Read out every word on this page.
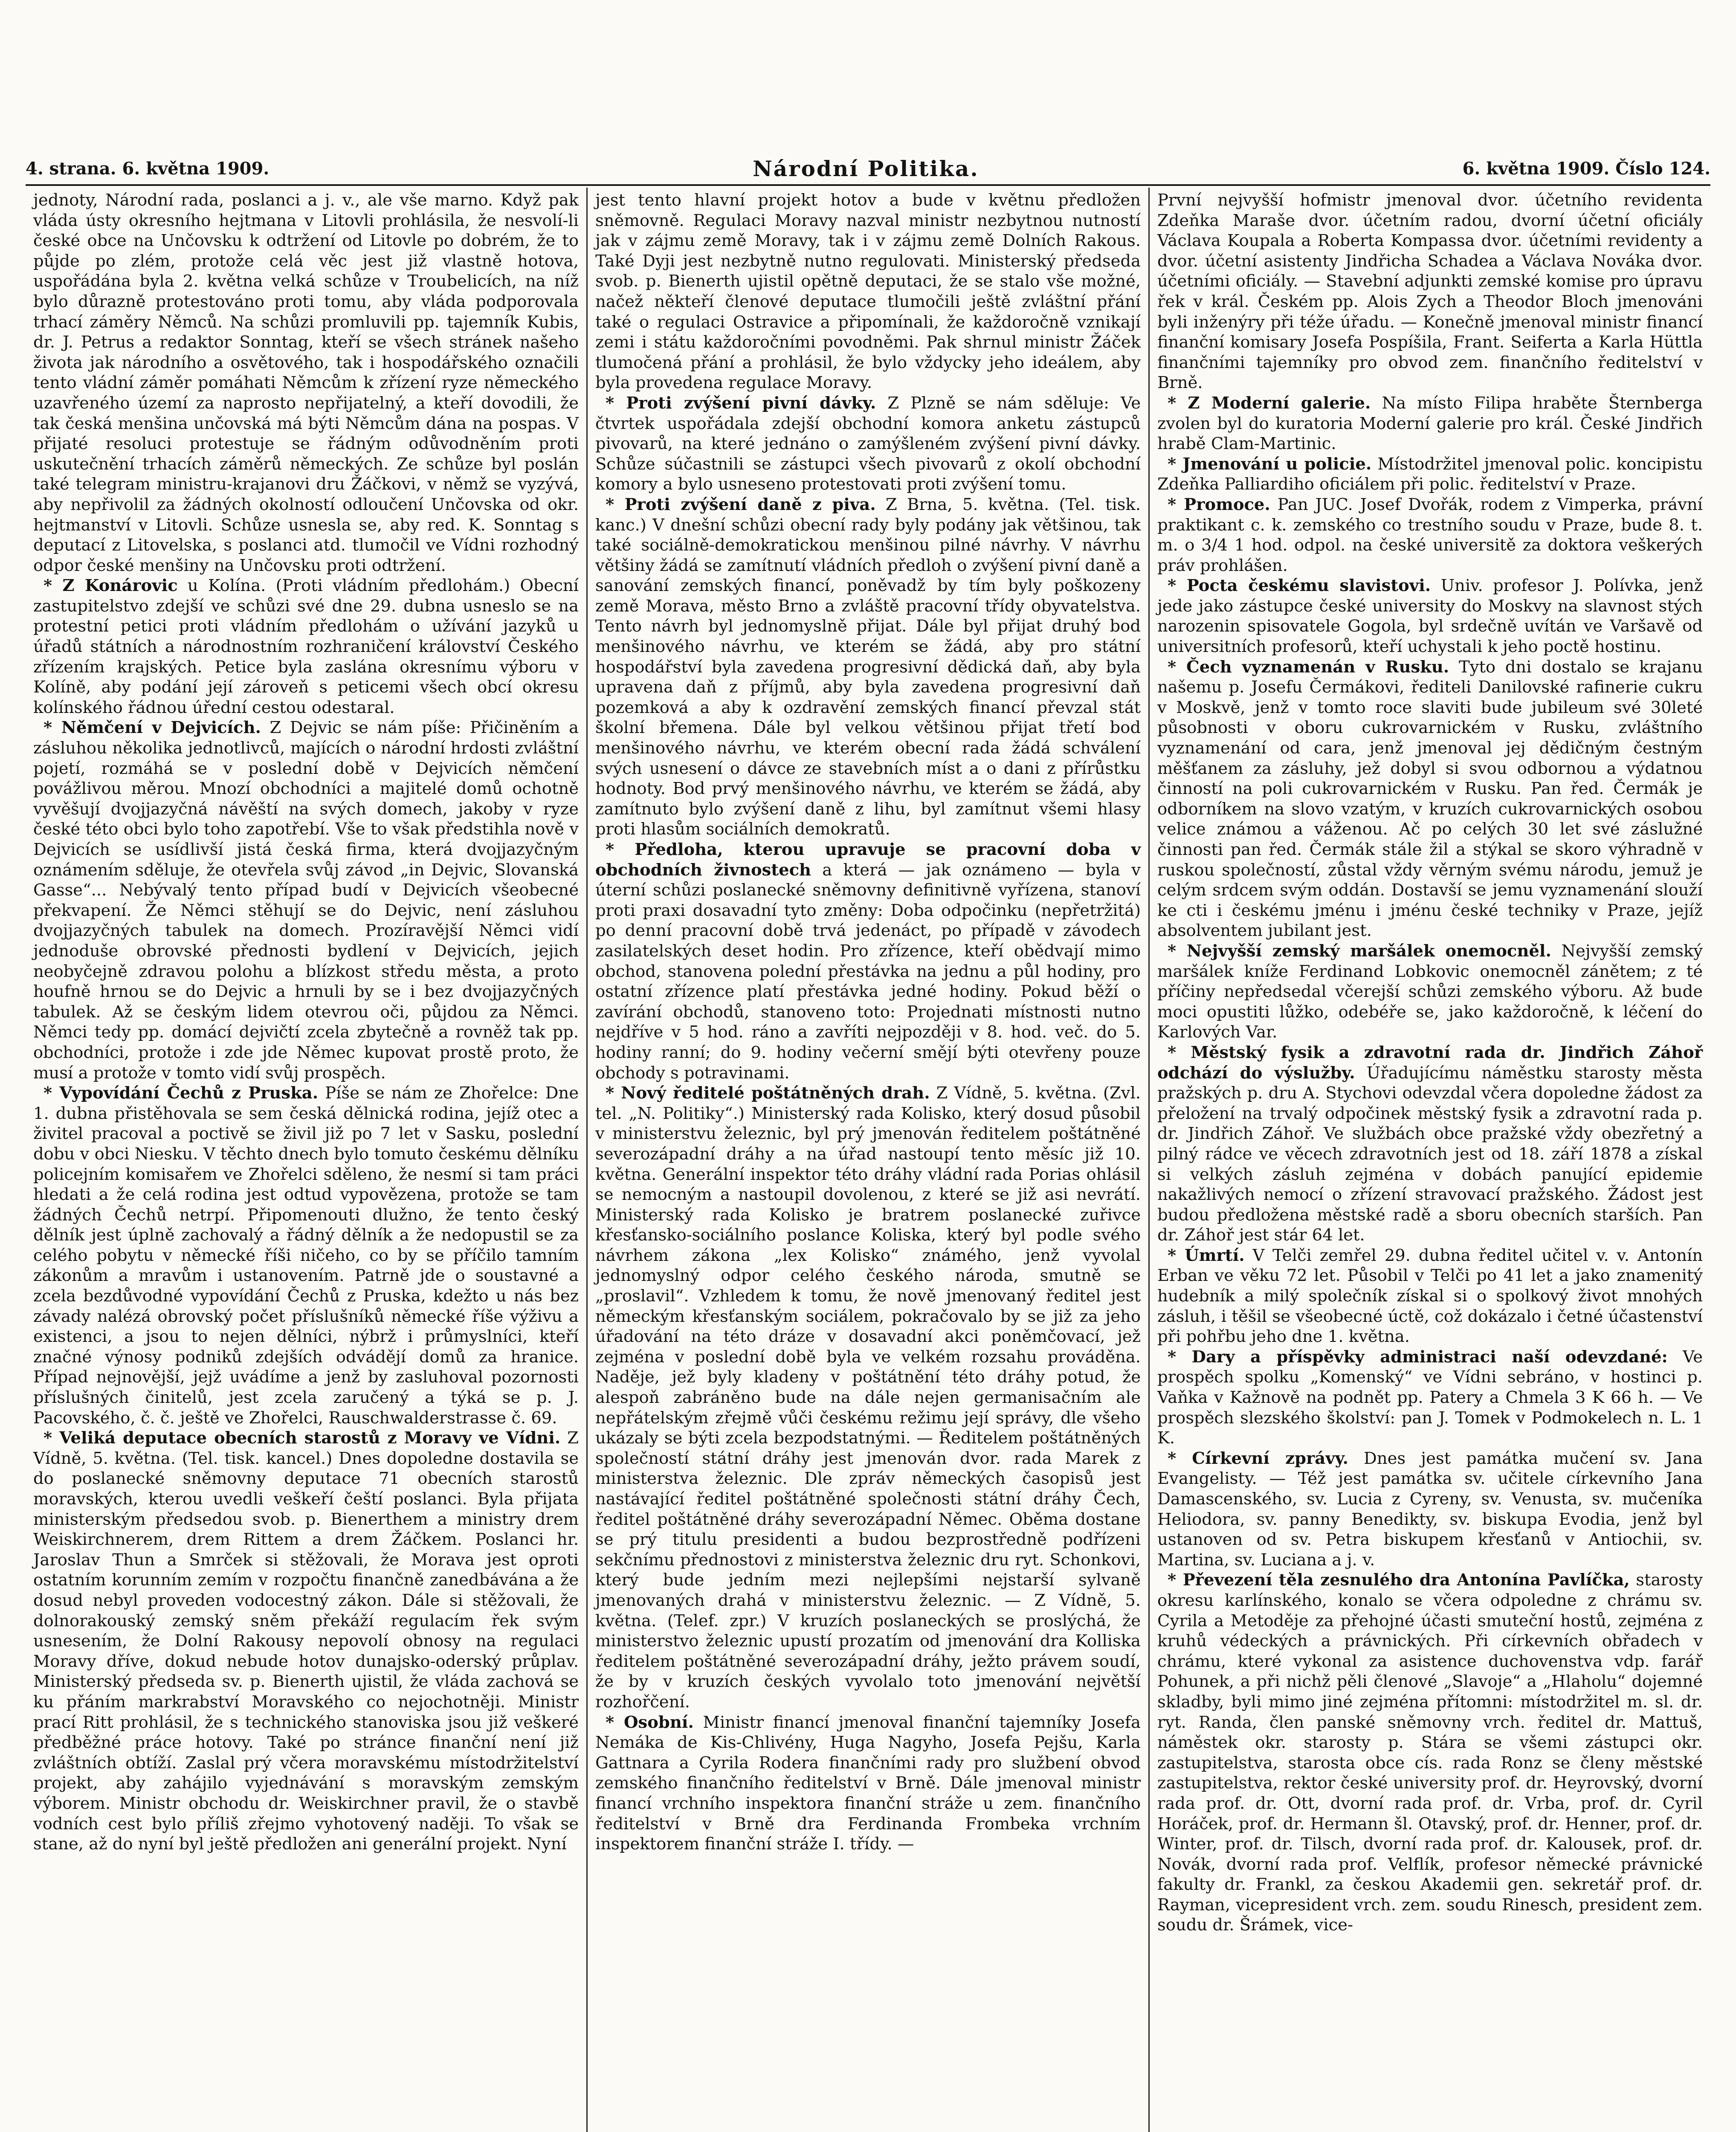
4. strana. 6. května 1909.	Národní Politika.	6. května 1909. Číslo 124.

jednoty, Národní rada, poslanci a j. v., ale vše marno. Když pak vláda ústy okresního hejtmana v Litovli prohlásila, že nesvolí-li české obce na Unčovsku k odtržení od Litovle po dobrém, že to půjde po zlém, protože celá věc jest již vlastně hotova, uspořádána byla 2. května velká schůze v Troubelicích, na níž bylo důrazně protestováno proti tomu, aby vláda podporovala trhací záměry Němců. Na schůzi promluvili pp. tajemník Kubis, dr. J. Petrus a redaktor Sonntag, kteří se všech stránek našeho života jak národního a osvětového, tak i hospodářského označili tento vládní záměr pomáhati Němcům k zřízení ryze německého uzavřeného území za naprosto nepřijatelný, a kteří dovodili, že tak česká menšina unčovská má býti Němcům dána na pospas. V přijaté resoluci protestuje se řádným odůvodněním proti uskutečnění trhacích záměrů německých. Ze schůze byl poslán také telegram ministru-krajanovi dru Žáčkovi, v němž se vyzývá, aby nepřivolil za žádných okolností odloučení Unčovska od okr. hejtmanství v Litovli. Schůze usnesla se, aby red. K. Sonntag s deputací z Litovelska, s poslanci atd. tlumočil ve Vídni rozhodný odpor české menšiny na Unčovsku proti odtržení.

* Z Konárovic u Kolína. (Proti vládním předlohám.) Obecní zastupitelstvo zdejší ve schůzi své dne 29. dubna usneslo se na protestní petici proti vládním předlohám o užívání jazyků u úřadů státních a národnostním rozhraničení království Českého zřízením krajských. Petice byla zaslána okresnímu výboru v Kolíně, aby podání její zároveň s peticemi všech obcí okresu kolínského řádnou úřední cestou odestaral.

* Němčení v Dejvicích. Z Dejvic se nám píše: Přičiněním a zásluhou několika jednotlivců, majících o národní hrdosti zvláštní pojetí, rozmáhá se v poslední době v Dejvicích němčení povážlivou měrou. Mnozí obchodníci a majitelé domů ochotně vyvěšují dvojjazyčná návěští na svých domech, jakoby v ryze české této obci bylo toho zapotřebí. Vše to však předstihla nově v Dejvicích se usídlivší jistá česká firma, která dvojjazyčným oznámením sděluje, že otevřela svůj závod „in Dejvic, Slovanská Gasse“... Nebývalý tento případ budí v Dejvicích všeobecné překvapení. Že Němci stěhují se do Dejvic, není zásluhou dvojjazyčných tabulek na domech. Prozíravější Němci vidí jednoduše obrovské přednosti bydlení v Dejvicích, jejich neobyčejně zdravou polohu a blízkost středu města, a proto houfně hrnou se do Dejvic a hrnuli by se i bez dvojjazyčných tabulek. Až se českým lidem otevrou oči, půjdou za Němci. Němci tedy pp. domácí dejvičtí zcela zbytečně a rovněž tak pp. obchodníci, protože i zde jde Němec kupovat prostě proto, že musí a protože v tomto vidí svůj prospěch.

* Vypovídání Čechů z Pruska. Píše se nám ze Zhořelce: Dne 1. dubna přistěhovala se sem česká dělnická rodina, jejíž otec a živitel pracoval a poctivě se živil již po 7 let v Sasku, poslední dobu v obci Niesku. V těchto dnech bylo tomuto českému dělníku policejním komisařem ve Zhořelci sděleno, že nesmí si tam práci hledati a že celá rodina jest odtud vypovězena, protože se tam žádných Čechů netrpí. Připomenouti dlužno, že tento český dělník jest úplně zachovalý a řádný dělník a že nedopustil se za celého pobytu v německé říši ničeho, co by se příčilo tamním zákonům a mravům i ustanovením. Patrně jde o soustavné a zcela bezdůvodné vypovídání Čechů z Pruska, kdežto u nás bez závady nalézá obrovský počet příslušníků německé říše výživu a existenci, a jsou to nejen dělníci, nýbrž i průmyslníci, kteří značné výnosy podniků zdejších odvádějí domů za hranice. Případ nejnovější, jejž uvádíme a jenž by zasluhoval pozornosti příslušných činitelů, jest zcela zaručený a týká se p. J. Pacovského, č. č. ještě ve Zhořelci, Rauschwalderstrasse č. 69.

* Veliká deputace obecních starostů z Moravy ve Vídni. Z Vídně, 5. května. (Tel. tisk. kancel.) Dnes dopoledne dostavila se do poslanecké sněmovny deputace 71 obecních starostů moravských, kterou uvedli veškeří čeští poslanci. Byla přijata ministerským předsedou svob. p. Bienerthem a ministry drem Weiskirchnerem, drem Rittem a drem Žáčkem. Poslanci hr. Jaroslav Thun a Smrček si stěžovali, že Morava jest oproti ostatním korunním zemím v rozpočtu finančně zanedbávána a že dosud nebyl proveden vodocestný zákon. Dále si stěžovali, že dolnorakouský zemský sněm překáží regulacím řek svým usnesením, že Dolní Rakousy nepovolí obnosy na regulaci Moravy dříve, dokud nebude hotov dunajsko-oderský průplav. Ministerský předseda sv. p. Bienerth ujistil, že vláda zachová se ku přáním markrabství Moravského co nejochotněji. Ministr prací Ritt prohlásil, že s technického stanoviska jsou již veškeré předběžné práce hotovy. Také po stránce finanční není již zvláštních obtíží. Zaslal prý včera moravskému místodržitelství projekt, aby zahájilo vyjednávání s moravským zemským výborem. Ministr obchodu dr. Weiskirchner pravil, že o stavbě vodních cest bylo příliš zřejmo vyhotovený naději. To však se stane, až do nyní byl ještě předložen ani generální projekt. Nyní

jest tento hlavní projekt hotov a bude v květnu předložen sněmovně. Regulaci Moravy nazval ministr nezbytnou nutností jak v zájmu země Moravy, tak i v zájmu země Dolních Rakous. Také Dyji jest nezbytně nutno regulovati. Ministerský předseda svob. p. Bienerth ujistil opětně deputaci, že se stalo vše možné, načež někteří členové deputace tlumočili ještě zvláštní přání také o regulaci Ostravice a připomínali, že každoročně vznikají zemi i státu každoročními povodněmi. Pak shrnul ministr Žáček tlumočená přání a prohlásil, že bylo vždycky jeho ideálem, aby byla provedena regulace Moravy.

* Proti zvýšení pivní dávky. Z Plzně se nám sděluje: Ve čtvrtek uspořádala zdejší obchodní komora anketu zástupců pivovarů, na které jednáno o zamýšleném zvýšení pivní dávky. Schůze súčastnili se zástupci všech pivovarů z okolí obchodní komory a bylo usneseno protestovati proti zvýšení tomu.

* Proti zvýšení daně z piva. Z Brna, 5. května. (Tel. tisk. kanc.) V dnešní schůzi obecní rady byly podány jak většinou, tak také sociálně-demokratickou menšinou pilné návrhy. V návrhu většiny žádá se zamítnutí vládních předloh o zvýšení pivní daně a sanování zemských financí, poněvadž by tím byly poškozeny země Morava, město Brno a zvláště pracovní třídy obyvatelstva. Tento návrh byl jednomyslně přijat. Dále byl přijat druhý bod menšinového návrhu, ve kterém se žádá, aby pro státní hospodářství byla zavedena progresivní dědická daň, aby byla upravena daň z příjmů, aby byla zavedena progresivní daň pozemková a aby k ozdravění zemských financí převzal stát školní břemena. Dále byl velkou většinou přijat třetí bod menšinového návrhu, ve kterém obecní rada žádá schválení svých usnesení o dávce ze stavebních míst a o dani z přírůstku hodnoty. Bod prvý menšinového návrhu, ve kterém se žádá, aby zamítnuto bylo zvýšení daně z lihu, byl zamítnut všemi hlasy proti hlasům sociálních demokratů.

* Předloha, kterou upravuje se pracovní doba v obchodních živnostech a která — jak oznámeno — byla v úterní schůzi poslanecké sněmovny definitivně vyřízena, stanoví proti praxi dosavadní tyto změny: Doba odpočinku (nepřetržitá) po denní pracovní době trvá jedenáct, po případě v závodech zasilatelských deset hodin. Pro zřízence, kteří obědvají mimo obchod, stanovena polední přestávka na jednu a půl hodiny, pro ostatní zřízence platí přestávka jedné hodiny. Pokud běží o zavírání obchodů, stanoveno toto: Projednati místnosti nutno nejdříve v 5 hod. ráno a zavříti nejpozději v 8. hod. več. do 5. hodiny ranní; do 9. hodiny večerní smějí býti otevřeny pouze obchody s potravinami.

* Nový ředitelé poštátněných drah. Z Vídně, 5. května. (Zvl. tel. „N. Politiky“.) Ministerský rada Kolisko, který dosud působil v ministerstvu železnic, byl prý jmenován ředitelem poštátněné severozápadní dráhy a na úřad nastoupí tento měsíc již 10. května. Generální inspektor této dráhy vládní rada Porias ohlásil se nemocným a nastoupil dovolenou, z které se již asi nevrátí. Ministerský rada Kolisko je bratrem poslanecké zuřivce křesťansko-sociálního poslance Koliska, který byl podle svého návrhem zákona „lex Kolisko“ známého, jenž vyvolal jednomyslný odpor celého českého národa, smutně se „proslavil“. Vzhledem k tomu, že nově jmenovaný ředitel jest německým křesťanským sociálem, pokračovalo by se již za jeho úřadování na této dráze v dosavadní akci poněmčovací, jež zejména v poslední době byla ve velkém rozsahu prováděna. Naděje, jež byly kladeny v poštátnění této dráhy potud, že alespoň zabráněno bude na dále nejen germanisačním ale nepřátelským zřejmě vůči českému režimu její správy, dle všeho ukázaly se býti zcela bezpodstatnými. — Ředitelem poštátněných společností státní dráhy jest jmenován dvor. rada Marek z ministerstva železnic. Dle zpráv německých časopisů jest nastávající ředitel poštátněné společnosti státní dráhy Čech, ředitel poštátněné dráhy severozápadní Němec. Oběma dostane se prý titulu presidenti a budou bezprostředně podřízeni sekčnímu přednostovi z ministerstva železnic dru ryt. Schonkovi, který bude jedním mezi nejlepšími nejstarší sylvaně jmenovaných drahá v ministerstvu železnic. — Z Vídně, 5. května. (Telef. zpr.) V kruzích poslaneckých se proslýchá, že ministerstvo železnic upustí prozatím od jmenování dra Kolliska ředitelem poštátněné severozápadní dráhy, ježto právem soudí, že by v kruzích českých vyvolalo toto jmenování největší rozhořčení.

* Osobní. Ministr financí jmenoval finanční tajemníky Josefa Nemáka de Kis-Chlivény, Huga Nagyho, Josefa Pejšu, Karla Gattnara a Cyrila Rodera finančními rady pro službení obvod zemského finančního ředitelství v Brně. Dále jmenoval ministr financí vrchního inspektora finanční stráže u zem. finančního ředitelství v Brně dra Ferdinanda Frombeka vrchním inspektorem finanční stráže I. třídy. —

První nejvyšší hofmistr jmenoval dvor. účetního revidenta Zdeňka Maraše dvor. účetním radou, dvorní účetní oficiály Václava Koupala a Roberta Kompassa dvor. účetními revidenty a dvor. účetní asistenty Jindřicha Schadea a Václava Nováka dvor. účetními oficiály. — Stavební adjunkti zemské komise pro úpravu řek v král. Českém pp. Alois Zych a Theodor Bloch jmenováni byli inženýry při téže úřadu. — Konečně jmenoval ministr financí finanční komisary Josefa Pospíšila, Frant. Seiferta a Karla Hüttla finančními tajemníky pro obvod zem. finančního ředitelství v Brně.

* Z Moderní galerie. Na místo Filipa hraběte Šternberga zvolen byl do kuratoria Moderní galerie pro král. České Jindřich hrabě Clam-Martinic.

* Jmenování u policie. Místodržitel jmenoval polic. koncipistu Zdeňka Palliardiho oficiálem při polic. ředitelství v Praze.

* Promoce. Pan JUC. Josef Dvořák, rodem z Vimperka, právní praktikant c. k. zemského co trestního soudu v Praze, bude 8. t. m. o 3/4 1 hod. odpol. na české universitě za doktora veškerých práv prohlášen.

* Pocta českému slavistovi. Univ. profesor J. Polívka, jenž jede jako zástupce české university do Moskvy na slavnost stých narozenin spisovatele Gogola, byl srdečně uvítán ve Varšavě od universitních profesorů, kteří uchystali k jeho poctě hostinu.

* Čech vyznamenán v Rusku. Tyto dni dostalo se krajanu našemu p. Josefu Čermákovi, řediteli Danilovské rafinerie cukru v Moskvě, jenž v tomto roce slaviti bude jubileum své 30leté působnosti v oboru cukrovarnickém v Rusku, zvláštního vyznamenání od cara, jenž jmenoval jej dědičným čestným měšťanem za zásluhy, jež dobyl si svou odbornou a výdatnou činností na poli cukrovarnickém v Rusku. Pan řed. Čermák je odborníkem na slovo vzatým, v kruzích cukrovarnických osobou velice známou a váženou. Ač po celých 30 let své záslužné činnosti pan řed. Čermák stále žil a stýkal se skoro výhradně v ruskou společností, zůstal vždy věrným svému národu, jemuž je celým srdcem svým oddán. Dostavší se jemu vyznamenání slouží ke cti i českému jménu i jménu české techniky v Praze, jejíž absolventem jubilant jest.

* Nejvyšší zemský maršálek onemocněl. Nejvyšší zemský maršálek kníže Ferdinand Lobkovic onemocněl zánětem; z té příčiny nepředsedal včerejší schůzi zemského výboru. Až bude moci opustiti lůžko, odebéře se, jako každoročně, k léčení do Karlových Var.

* Městský fysik a zdravotní rada dr. Jindřich Záhoř odchází do výslužby. Úřadujícímu náměstku starosty města pražských p. dru A. Stychovi odevzdal včera dopoledne žádost za přeložení na trvalý odpočinek městský fysik a zdravotní rada p. dr. Jindřich Záhoř. Ve službách obce pražské vždy obezřetný a pilný rádce ve věcech zdravotních jest od 18. září 1878 a získal si velkých zásluh zejména v dobách panující epidemie nakažlivých nemocí o zřízení stravovací pražského. Žádost jest budou předložena městské radě a sboru obecních starších. Pan dr. Záhoř jest stár 64 let.

* Úmrtí. V Telči zemřel 29. dubna ředitel učitel v. v. Antonín Erban ve věku 72 let. Působil v Telči po 41 let a jako znamenitý hudebník a milý společník získal si o spolkový život mnohých zásluh, i těšil se všeobecné úctě, což dokázalo i četné účastenství při pohřbu jeho dne 1. května.

* Dary a příspěvky administraci naší odevzdané: Ve prospěch spolku „Komenský“ ve Vídni sebráno, v hostinci p. Vaňka v Kažnově na podnět pp. Patery a Chmela 3 K 66 h. — Ve prospěch slezského školství: pan J. Tomek v Podmokelech n. L. 1 K.

* Církevní zprávy. Dnes jest památka mučení sv. Jana Evangelisty. — Též jest památka sv. učitele církevního Jana Damascenského, sv. Lucia z Cyreny, sv. Venusta, sv. mučeníka Heliodora, sv. panny Benedikty, sv. biskupa Evodia, jenž byl ustanoven od sv. Petra biskupem křesťanů v Antiochii, sv. Martina, sv. Luciana a j. v.

* Převezení těla zesnulého dra Antonína Pavlíčka, starosty okresu karlínského, konalo se včera odpoledne z chrámu sv. Cyrila a Metoděje za přehojné účasti smuteční hostů, zejména z kruhů védeckých a právnických. Při církevních obřadech v chrámu, které vykonal za asistence duchovenstva vdp. farář Pohunek, a při nichž pěli členové „Slavoje“ a „Hlaholu“ dojemné skladby, byli mimo jiné zejména přítomni: místodržitel m. sl. dr. ryt. Randa, člen panské sněmovny vrch. ředitel dr. Mattuš, náměstek okr. starosty p. Stára se všemi zástupci okr. zastupitelstva, starosta obce cís. rada Ronz se členy městské zastupitelstva, rektor české university prof. dr. Heyrovský, dvorní rada prof. dr. Ott, dvorní rada prof. dr. Vrba, prof. dr. Cyril Horáček, prof. dr. Hermann šl. Otavský, prof. dr. Henner, prof. dr. Winter, prof. dr. Tilsch, dvorní rada prof. dr. Kalousek, prof. dr. Novák, dvorní rada prof. Velflík, profesor německé právnické fakulty dr. Frankl, za českou Akademii gen. sekretář prof. dr. Rayman, vicepresident vrch. zem. soudu Rinesch, president zem. soudu dr. Šrámek, vice-
